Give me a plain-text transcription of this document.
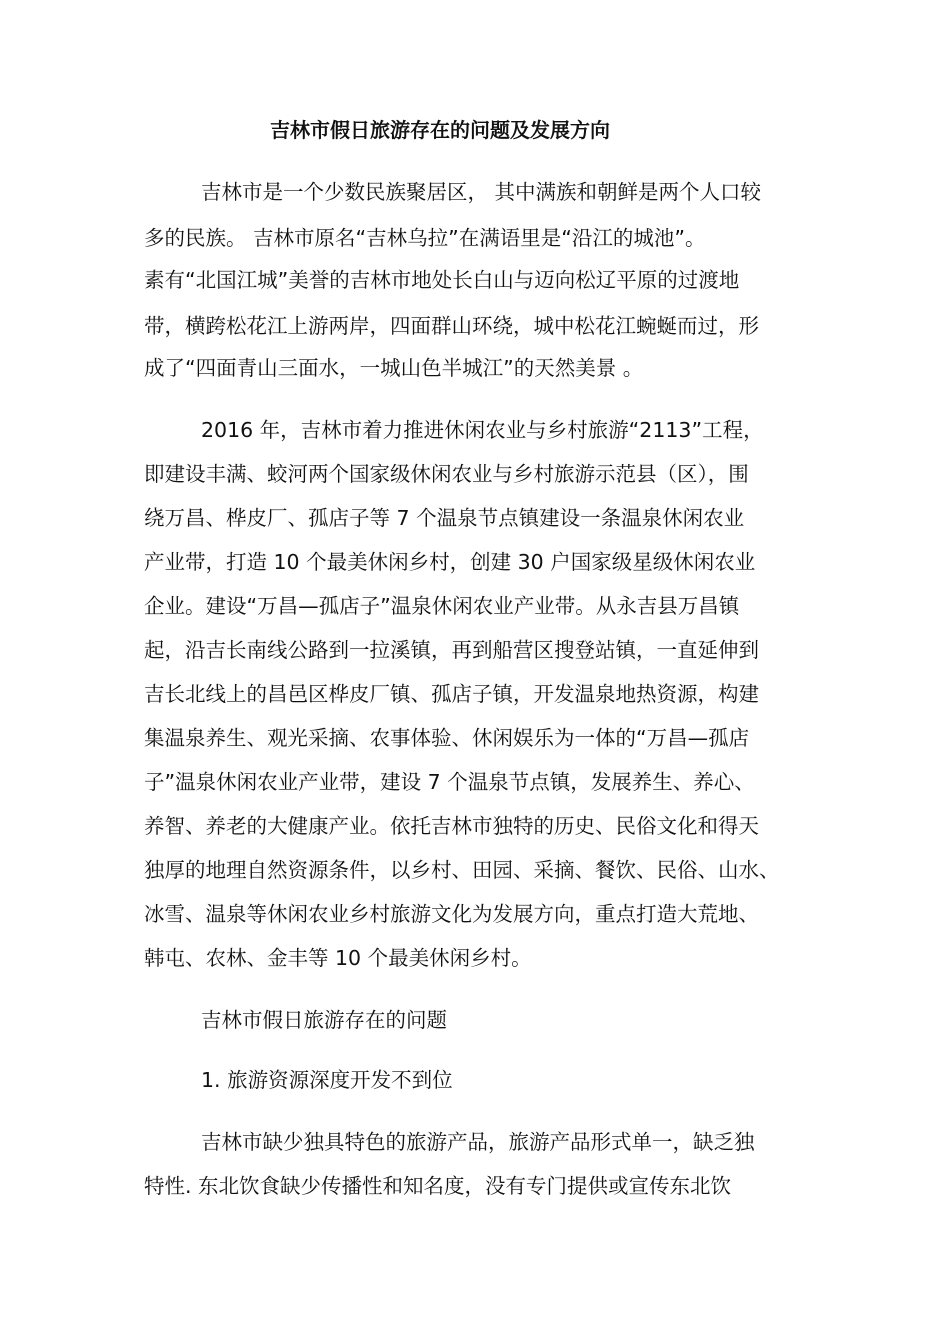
吉林市假日旅游存在的问题及发展方向

吉林市是一个少数民族聚居区， 其中满族和朝鲜是两个人口较

多的民族。 吉林市原名“吉林乌拉”在满语里是“沿江的城池”。

素有“北国江城”美誉的吉林市地处长白山与迈向松辽平原的过渡地

带，横跨松花江上游两岸，四面群山环绕，城中松花江蜿蜒而过，形

成了“四面青山三面水，一城山色半城江”的天然美景 。

2016 年，吉林市着力推进休闲农业与乡村旅游“2113”工程，

即建设丰满、蛟河两个国家级休闲农业与乡村旅游示范县（区），围

绕万昌、桦皮厂、孤店子等 7 个温泉节点镇建设一条温泉休闲农业

产业带，打造 10 个最美休闲乡村，创建 30 户国家级星级休闲农业

企业。建设“万昌—孤店子”温泉休闲农业产业带。从永吉县万昌镇

起，沿吉长南线公路到一拉溪镇，再到船营区搜登站镇，一直延伸到

吉长北线上的昌邑区桦皮厂镇、孤店子镇，开发温泉地热资源，构建

集温泉养生、观光采摘、农事体验、休闲娱乐为一体的“万昌—孤店

子”温泉休闲农业产业带，建设 7 个温泉节点镇，发展养生、养心、

养智、养老的大健康产业。依托吉林市独特的历史、民俗文化和得天

独厚的地理自然资源条件，以乡村、田园、采摘、餐饮、民俗、山水、

冰雪、温泉等休闲农业乡村旅游文化为发展方向，重点打造大荒地、

韩屯、农林、金丰等 10 个最美休闲乡村。

吉林市假日旅游存在的问题
1. 旅游资源深度开发不到位

吉林市缺少独具特色的旅游产品，旅游产品形式单一，缺乏独

特性. 东北饮食缺少传播性和知名度，没有专门提供或宣传东北饮
